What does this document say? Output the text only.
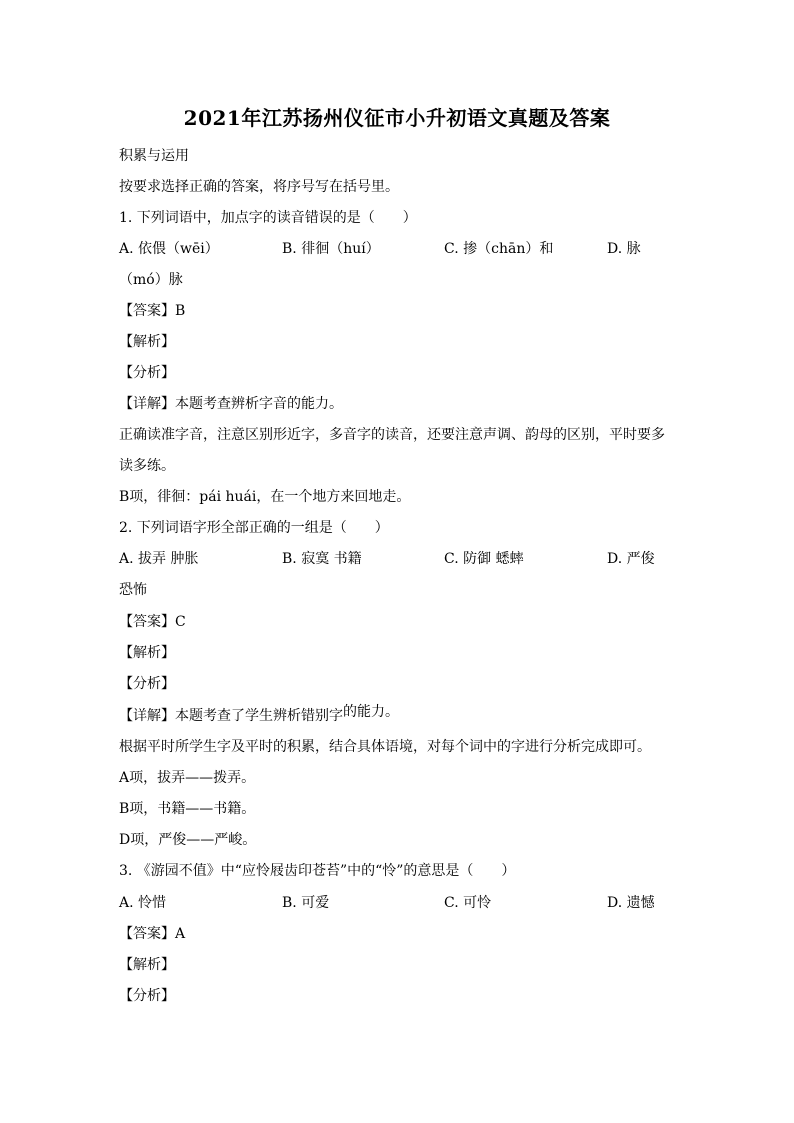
2021年江苏扬州仪征市小升初语文真题及答案
积累与运用
按要求选择正确的答案，将序号写在括号里。
1. 下列词语中，加点字的读音错误的是（　　）
A. 依偎（wēi）	B. 徘徊（huí）	C. 掺（chān）和	D. 脉
（mó）脉
【答案】B
【解析】
【分析】
【详解】本题考查辨析字音的能力。
正确读准字音，注意区别形近字，多音字的读音，还要注意声调、韵母的区别，平时要多
读多练。
B项，徘徊：pái huái，在一个地方来回地走。
2. 下列词语字形全部正确的一组是（　　）
A. 拔弄 肿胀	B. 寂寞 书籍	C. 防御 蟋蟀	D. 严俊
恐怖
【答案】C
【解析】
【分析】
【详解】本题考查了学生辨析错别字的能力。
根据平时所学生字及平时的积累，结合具体语境，对每个词中的字进行分析完成即可。
A项，拔弄——拨弄。
B项，书籍——书籍。
D项，严俊——严峻。
3. 《游园不值》中“应怜屐齿印苍苔”中的“怜”的意思是（　　）
A. 怜惜	B. 可爱	C. 可怜	D. 遗憾
【答案】A
【解析】
【分析】
